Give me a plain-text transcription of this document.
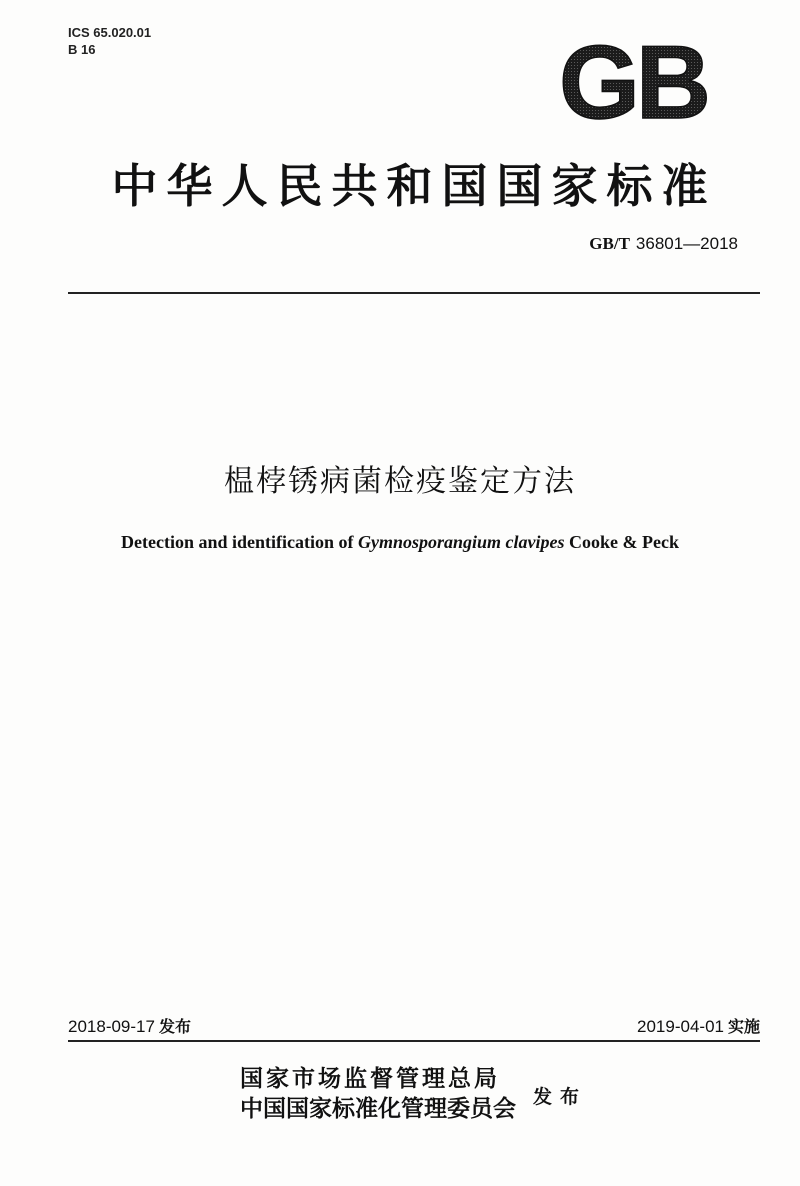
ICS 65.020.01
B 16	GB
中华人民共和国国家标准
GB/T 36801—2018
榅桲锈病菌检疫鉴定方法
Detection and identification of Gymnosporangium clavipes Cooke & Peck
2018-09-17 发布	2019-04-01 实施
国家市场监督管理总局
中国国家标准化管理委员会 发布
